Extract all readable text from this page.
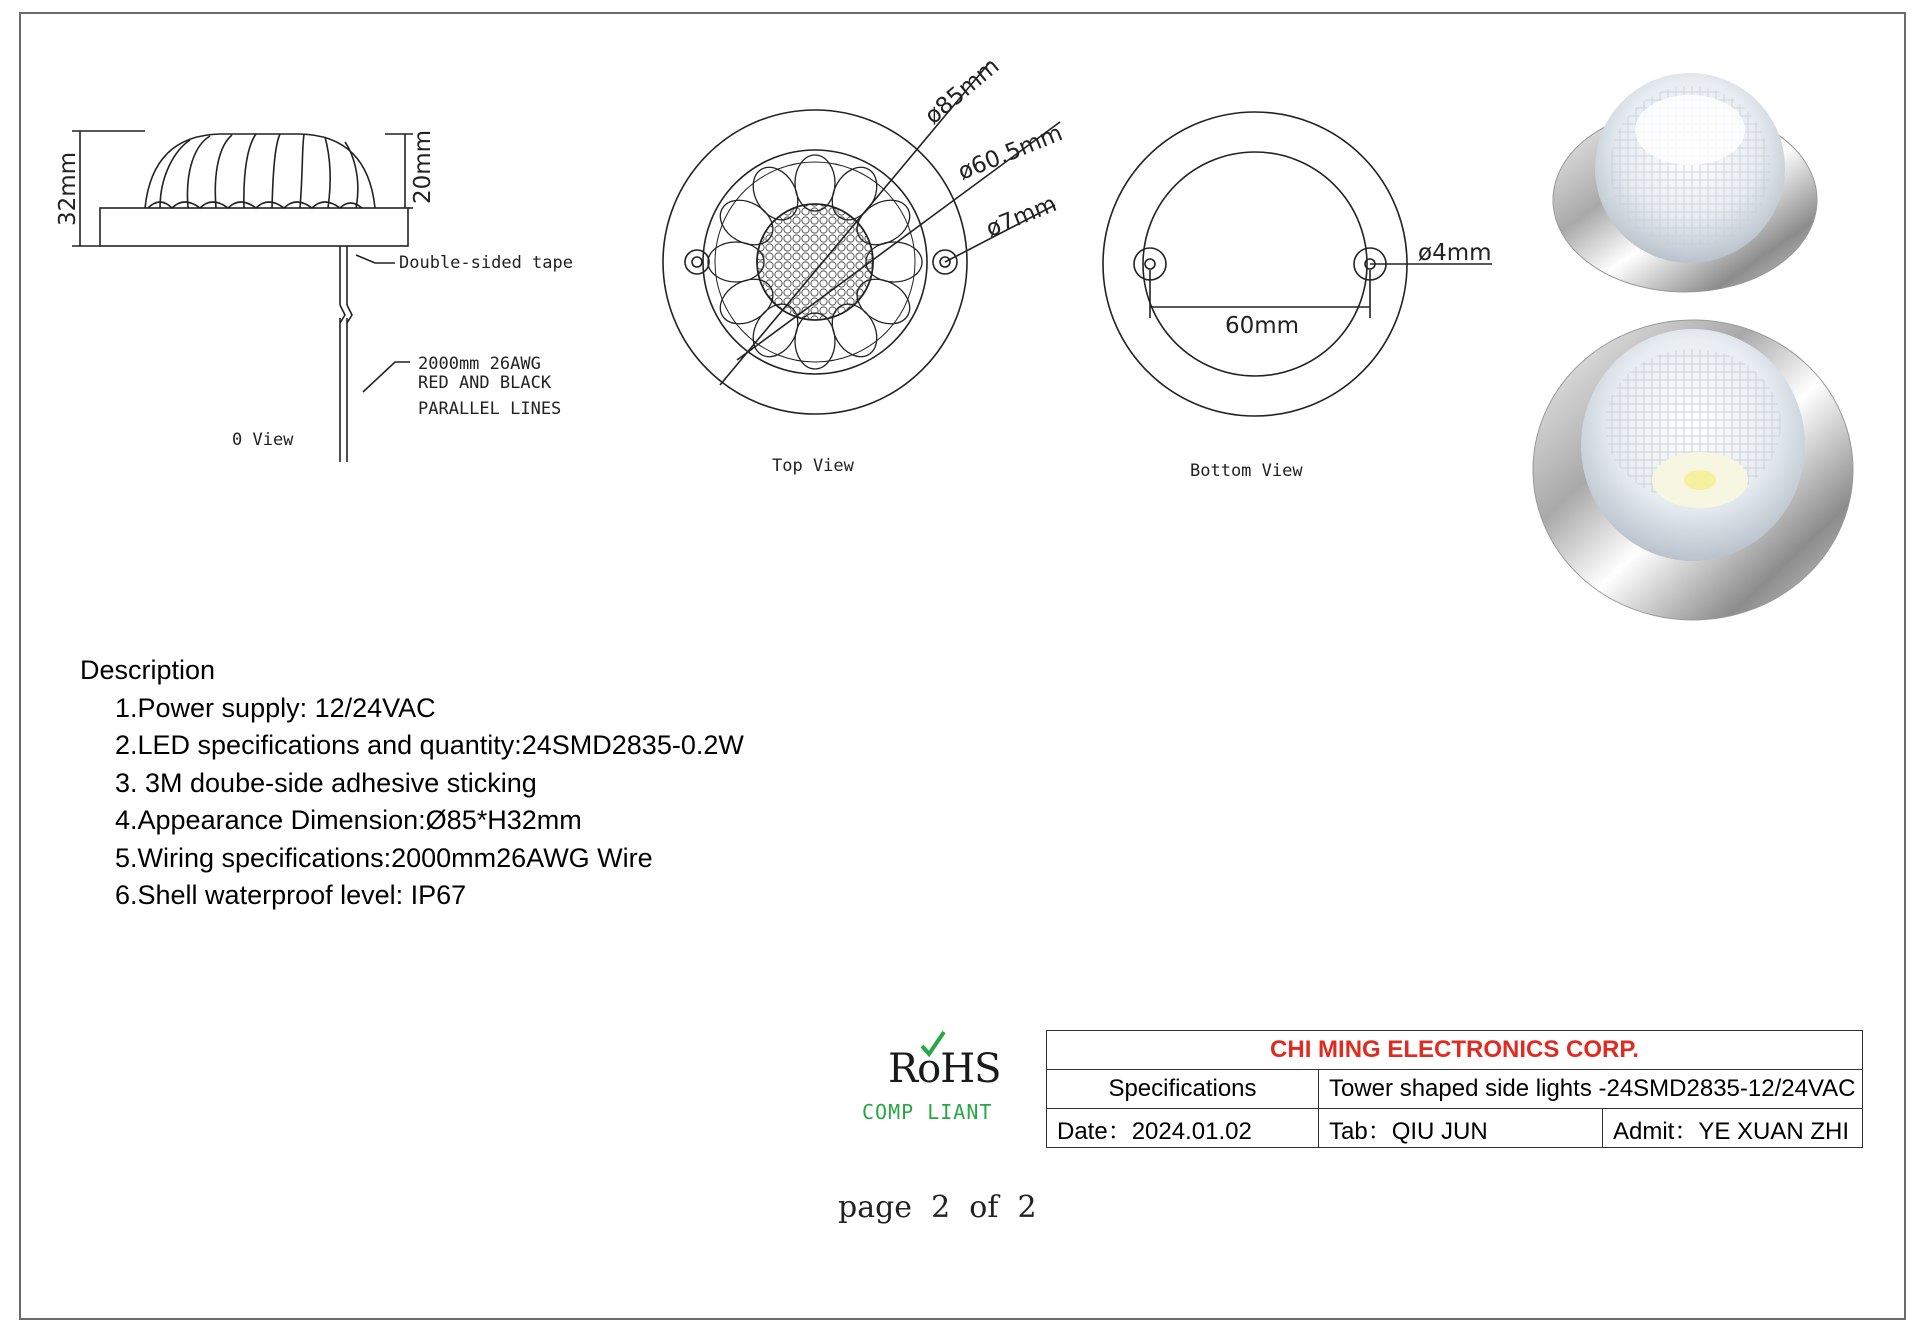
32mm	20mm
Double-sided tape
2000mm 26AWG
RED AND BLACK
PARALLEL LINES
0 View
ø85mm
ø60.5mm
ø7mm
Top View
60mm
ø4mm
Bottom View
Description
1.Power supply: 12/24VAC
2.LED specifications and quantity:24SMD2835-0.2W
3. 3M doube-side adhesive sticking
4.Appearance Dimension:Ø85*H32mm
5.Wiring specifications:2000mm26AWG Wire
6.Shell waterproof level: IP67
RoHS
COMP LIANT
CHI MING ELECTRONICS CORP.		
Specifications	Tower shaped side lights -24SMD2835-12/24VAC	
Date：2024.01.02	Tab：QIU JUN	Admit：YE XUAN ZHI
page  2  of  2
